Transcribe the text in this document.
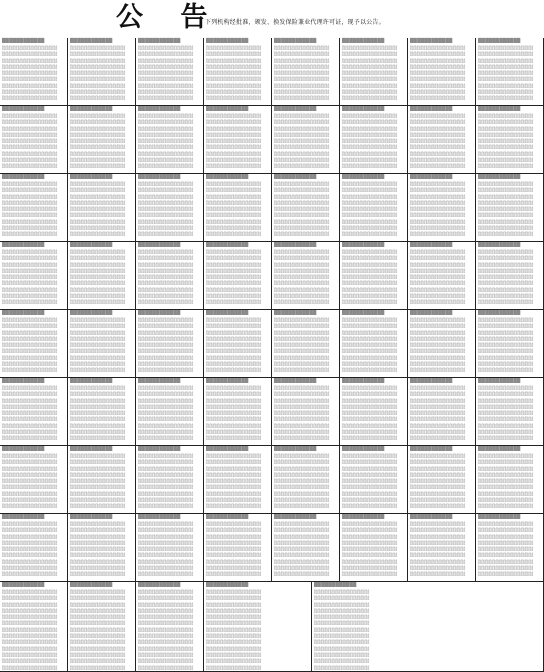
公 告
下列机构经批准，颁发、换发保险兼业代理许可证，现予以公告。
▒▒▒▒▒▒▒▒▒▒▒▒
░░░░░░░░░░░░░░░░░░░░
░░░░░░░░░░░░░░░░░░░░
░░░░░░░░░░░░░░░░░░░░
░░░░░░░░░░░░░░░░░░░░
░░░░░░░░░░░░░░░░░░░░
░░░░░░░░░░░░░░░░░░░░
░░░░░░░░░░░░░░░░░░░░
░░░░░░░░░░░░░░░░░░░░
░░░░░░░░░░░░░░░░░░░░
▒▒▒▒▒▒▒▒▒▒▒▒
░░░░░░░░░░░░░░░░░░░░
░░░░░░░░░░░░░░░░░░░░
░░░░░░░░░░░░░░░░░░░░
░░░░░░░░░░░░░░░░░░░░
░░░░░░░░░░░░░░░░░░░░
░░░░░░░░░░░░░░░░░░░░
░░░░░░░░░░░░░░░░░░░░
░░░░░░░░░░░░░░░░░░░░
░░░░░░░░░░░░░░░░░░░░
▒▒▒▒▒▒▒▒▒▒▒▒
░░░░░░░░░░░░░░░░░░░░
░░░░░░░░░░░░░░░░░░░░
░░░░░░░░░░░░░░░░░░░░
░░░░░░░░░░░░░░░░░░░░
░░░░░░░░░░░░░░░░░░░░
░░░░░░░░░░░░░░░░░░░░
░░░░░░░░░░░░░░░░░░░░
░░░░░░░░░░░░░░░░░░░░
░░░░░░░░░░░░░░░░░░░░
▒▒▒▒▒▒▒▒▒▒▒▒
░░░░░░░░░░░░░░░░░░░░
░░░░░░░░░░░░░░░░░░░░
░░░░░░░░░░░░░░░░░░░░
░░░░░░░░░░░░░░░░░░░░
░░░░░░░░░░░░░░░░░░░░
░░░░░░░░░░░░░░░░░░░░
░░░░░░░░░░░░░░░░░░░░
░░░░░░░░░░░░░░░░░░░░
░░░░░░░░░░░░░░░░░░░░
▒▒▒▒▒▒▒▒▒▒▒▒
░░░░░░░░░░░░░░░░░░░░
░░░░░░░░░░░░░░░░░░░░
░░░░░░░░░░░░░░░░░░░░
░░░░░░░░░░░░░░░░░░░░
░░░░░░░░░░░░░░░░░░░░
░░░░░░░░░░░░░░░░░░░░
░░░░░░░░░░░░░░░░░░░░
░░░░░░░░░░░░░░░░░░░░
░░░░░░░░░░░░░░░░░░░░
▒▒▒▒▒▒▒▒▒▒▒▒
░░░░░░░░░░░░░░░░░░░░
░░░░░░░░░░░░░░░░░░░░
░░░░░░░░░░░░░░░░░░░░
░░░░░░░░░░░░░░░░░░░░
░░░░░░░░░░░░░░░░░░░░
░░░░░░░░░░░░░░░░░░░░
░░░░░░░░░░░░░░░░░░░░
░░░░░░░░░░░░░░░░░░░░
░░░░░░░░░░░░░░░░░░░░
▒▒▒▒▒▒▒▒▒▒▒▒
░░░░░░░░░░░░░░░░░░░░
░░░░░░░░░░░░░░░░░░░░
░░░░░░░░░░░░░░░░░░░░
░░░░░░░░░░░░░░░░░░░░
░░░░░░░░░░░░░░░░░░░░
░░░░░░░░░░░░░░░░░░░░
░░░░░░░░░░░░░░░░░░░░
░░░░░░░░░░░░░░░░░░░░
░░░░░░░░░░░░░░░░░░░░
▒▒▒▒▒▒▒▒▒▒▒▒
░░░░░░░░░░░░░░░░░░░░
░░░░░░░░░░░░░░░░░░░░
░░░░░░░░░░░░░░░░░░░░
░░░░░░░░░░░░░░░░░░░░
░░░░░░░░░░░░░░░░░░░░
░░░░░░░░░░░░░░░░░░░░
░░░░░░░░░░░░░░░░░░░░
░░░░░░░░░░░░░░░░░░░░
░░░░░░░░░░░░░░░░░░░░
▒▒▒▒▒▒▒▒▒▒▒▒
░░░░░░░░░░░░░░░░░░░░
░░░░░░░░░░░░░░░░░░░░
░░░░░░░░░░░░░░░░░░░░
░░░░░░░░░░░░░░░░░░░░
░░░░░░░░░░░░░░░░░░░░
░░░░░░░░░░░░░░░░░░░░
░░░░░░░░░░░░░░░░░░░░
░░░░░░░░░░░░░░░░░░░░
░░░░░░░░░░░░░░░░░░░░
▒▒▒▒▒▒▒▒▒▒▒▒
░░░░░░░░░░░░░░░░░░░░
░░░░░░░░░░░░░░░░░░░░
░░░░░░░░░░░░░░░░░░░░
░░░░░░░░░░░░░░░░░░░░
░░░░░░░░░░░░░░░░░░░░
░░░░░░░░░░░░░░░░░░░░
░░░░░░░░░░░░░░░░░░░░
░░░░░░░░░░░░░░░░░░░░
░░░░░░░░░░░░░░░░░░░░
▒▒▒▒▒▒▒▒▒▒▒▒
░░░░░░░░░░░░░░░░░░░░
░░░░░░░░░░░░░░░░░░░░
░░░░░░░░░░░░░░░░░░░░
░░░░░░░░░░░░░░░░░░░░
░░░░░░░░░░░░░░░░░░░░
░░░░░░░░░░░░░░░░░░░░
░░░░░░░░░░░░░░░░░░░░
░░░░░░░░░░░░░░░░░░░░
░░░░░░░░░░░░░░░░░░░░
▒▒▒▒▒▒▒▒▒▒▒▒
░░░░░░░░░░░░░░░░░░░░
░░░░░░░░░░░░░░░░░░░░
░░░░░░░░░░░░░░░░░░░░
░░░░░░░░░░░░░░░░░░░░
░░░░░░░░░░░░░░░░░░░░
░░░░░░░░░░░░░░░░░░░░
░░░░░░░░░░░░░░░░░░░░
░░░░░░░░░░░░░░░░░░░░
░░░░░░░░░░░░░░░░░░░░
▒▒▒▒▒▒▒▒▒▒▒▒
░░░░░░░░░░░░░░░░░░░░
░░░░░░░░░░░░░░░░░░░░
░░░░░░░░░░░░░░░░░░░░
░░░░░░░░░░░░░░░░░░░░
░░░░░░░░░░░░░░░░░░░░
░░░░░░░░░░░░░░░░░░░░
░░░░░░░░░░░░░░░░░░░░
░░░░░░░░░░░░░░░░░░░░
░░░░░░░░░░░░░░░░░░░░
▒▒▒▒▒▒▒▒▒▒▒▒
░░░░░░░░░░░░░░░░░░░░
░░░░░░░░░░░░░░░░░░░░
░░░░░░░░░░░░░░░░░░░░
░░░░░░░░░░░░░░░░░░░░
░░░░░░░░░░░░░░░░░░░░
░░░░░░░░░░░░░░░░░░░░
░░░░░░░░░░░░░░░░░░░░
░░░░░░░░░░░░░░░░░░░░
░░░░░░░░░░░░░░░░░░░░
▒▒▒▒▒▒▒▒▒▒▒▒
░░░░░░░░░░░░░░░░░░░░
░░░░░░░░░░░░░░░░░░░░
░░░░░░░░░░░░░░░░░░░░
░░░░░░░░░░░░░░░░░░░░
░░░░░░░░░░░░░░░░░░░░
░░░░░░░░░░░░░░░░░░░░
░░░░░░░░░░░░░░░░░░░░
░░░░░░░░░░░░░░░░░░░░
░░░░░░░░░░░░░░░░░░░░
▒▒▒▒▒▒▒▒▒▒▒▒
░░░░░░░░░░░░░░░░░░░░
░░░░░░░░░░░░░░░░░░░░
░░░░░░░░░░░░░░░░░░░░
░░░░░░░░░░░░░░░░░░░░
░░░░░░░░░░░░░░░░░░░░
░░░░░░░░░░░░░░░░░░░░
░░░░░░░░░░░░░░░░░░░░
░░░░░░░░░░░░░░░░░░░░
░░░░░░░░░░░░░░░░░░░░
▒▒▒▒▒▒▒▒▒▒▒▒
░░░░░░░░░░░░░░░░░░░░
░░░░░░░░░░░░░░░░░░░░
░░░░░░░░░░░░░░░░░░░░
░░░░░░░░░░░░░░░░░░░░
░░░░░░░░░░░░░░░░░░░░
░░░░░░░░░░░░░░░░░░░░
░░░░░░░░░░░░░░░░░░░░
░░░░░░░░░░░░░░░░░░░░
░░░░░░░░░░░░░░░░░░░░
▒▒▒▒▒▒▒▒▒▒▒▒
░░░░░░░░░░░░░░░░░░░░
░░░░░░░░░░░░░░░░░░░░
░░░░░░░░░░░░░░░░░░░░
░░░░░░░░░░░░░░░░░░░░
░░░░░░░░░░░░░░░░░░░░
░░░░░░░░░░░░░░░░░░░░
░░░░░░░░░░░░░░░░░░░░
░░░░░░░░░░░░░░░░░░░░
░░░░░░░░░░░░░░░░░░░░
▒▒▒▒▒▒▒▒▒▒▒▒
░░░░░░░░░░░░░░░░░░░░
░░░░░░░░░░░░░░░░░░░░
░░░░░░░░░░░░░░░░░░░░
░░░░░░░░░░░░░░░░░░░░
░░░░░░░░░░░░░░░░░░░░
░░░░░░░░░░░░░░░░░░░░
░░░░░░░░░░░░░░░░░░░░
░░░░░░░░░░░░░░░░░░░░
░░░░░░░░░░░░░░░░░░░░
▒▒▒▒▒▒▒▒▒▒▒▒
░░░░░░░░░░░░░░░░░░░░
░░░░░░░░░░░░░░░░░░░░
░░░░░░░░░░░░░░░░░░░░
░░░░░░░░░░░░░░░░░░░░
░░░░░░░░░░░░░░░░░░░░
░░░░░░░░░░░░░░░░░░░░
░░░░░░░░░░░░░░░░░░░░
░░░░░░░░░░░░░░░░░░░░
░░░░░░░░░░░░░░░░░░░░
▒▒▒▒▒▒▒▒▒▒▒▒
░░░░░░░░░░░░░░░░░░░░
░░░░░░░░░░░░░░░░░░░░
░░░░░░░░░░░░░░░░░░░░
░░░░░░░░░░░░░░░░░░░░
░░░░░░░░░░░░░░░░░░░░
░░░░░░░░░░░░░░░░░░░░
░░░░░░░░░░░░░░░░░░░░
░░░░░░░░░░░░░░░░░░░░
░░░░░░░░░░░░░░░░░░░░
▒▒▒▒▒▒▒▒▒▒▒▒
░░░░░░░░░░░░░░░░░░░░
░░░░░░░░░░░░░░░░░░░░
░░░░░░░░░░░░░░░░░░░░
░░░░░░░░░░░░░░░░░░░░
░░░░░░░░░░░░░░░░░░░░
░░░░░░░░░░░░░░░░░░░░
░░░░░░░░░░░░░░░░░░░░
░░░░░░░░░░░░░░░░░░░░
░░░░░░░░░░░░░░░░░░░░
▒▒▒▒▒▒▒▒▒▒▒▒
░░░░░░░░░░░░░░░░░░░░
░░░░░░░░░░░░░░░░░░░░
░░░░░░░░░░░░░░░░░░░░
░░░░░░░░░░░░░░░░░░░░
░░░░░░░░░░░░░░░░░░░░
░░░░░░░░░░░░░░░░░░░░
░░░░░░░░░░░░░░░░░░░░
░░░░░░░░░░░░░░░░░░░░
░░░░░░░░░░░░░░░░░░░░
▒▒▒▒▒▒▒▒▒▒▒▒
░░░░░░░░░░░░░░░░░░░░
░░░░░░░░░░░░░░░░░░░░
░░░░░░░░░░░░░░░░░░░░
░░░░░░░░░░░░░░░░░░░░
░░░░░░░░░░░░░░░░░░░░
░░░░░░░░░░░░░░░░░░░░
░░░░░░░░░░░░░░░░░░░░
░░░░░░░░░░░░░░░░░░░░
░░░░░░░░░░░░░░░░░░░░
▒▒▒▒▒▒▒▒▒▒▒▒
░░░░░░░░░░░░░░░░░░░░
░░░░░░░░░░░░░░░░░░░░
░░░░░░░░░░░░░░░░░░░░
░░░░░░░░░░░░░░░░░░░░
░░░░░░░░░░░░░░░░░░░░
░░░░░░░░░░░░░░░░░░░░
░░░░░░░░░░░░░░░░░░░░
░░░░░░░░░░░░░░░░░░░░
░░░░░░░░░░░░░░░░░░░░
▒▒▒▒▒▒▒▒▒▒▒▒
░░░░░░░░░░░░░░░░░░░░
░░░░░░░░░░░░░░░░░░░░
░░░░░░░░░░░░░░░░░░░░
░░░░░░░░░░░░░░░░░░░░
░░░░░░░░░░░░░░░░░░░░
░░░░░░░░░░░░░░░░░░░░
░░░░░░░░░░░░░░░░░░░░
░░░░░░░░░░░░░░░░░░░░
░░░░░░░░░░░░░░░░░░░░
▒▒▒▒▒▒▒▒▒▒▒▒
░░░░░░░░░░░░░░░░░░░░
░░░░░░░░░░░░░░░░░░░░
░░░░░░░░░░░░░░░░░░░░
░░░░░░░░░░░░░░░░░░░░
░░░░░░░░░░░░░░░░░░░░
░░░░░░░░░░░░░░░░░░░░
░░░░░░░░░░░░░░░░░░░░
░░░░░░░░░░░░░░░░░░░░
░░░░░░░░░░░░░░░░░░░░
▒▒▒▒▒▒▒▒▒▒▒▒
░░░░░░░░░░░░░░░░░░░░
░░░░░░░░░░░░░░░░░░░░
░░░░░░░░░░░░░░░░░░░░
░░░░░░░░░░░░░░░░░░░░
░░░░░░░░░░░░░░░░░░░░
░░░░░░░░░░░░░░░░░░░░
░░░░░░░░░░░░░░░░░░░░
░░░░░░░░░░░░░░░░░░░░
░░░░░░░░░░░░░░░░░░░░
▒▒▒▒▒▒▒▒▒▒▒▒
░░░░░░░░░░░░░░░░░░░░
░░░░░░░░░░░░░░░░░░░░
░░░░░░░░░░░░░░░░░░░░
░░░░░░░░░░░░░░░░░░░░
░░░░░░░░░░░░░░░░░░░░
░░░░░░░░░░░░░░░░░░░░
░░░░░░░░░░░░░░░░░░░░
░░░░░░░░░░░░░░░░░░░░
░░░░░░░░░░░░░░░░░░░░
▒▒▒▒▒▒▒▒▒▒▒▒
░░░░░░░░░░░░░░░░░░░░
░░░░░░░░░░░░░░░░░░░░
░░░░░░░░░░░░░░░░░░░░
░░░░░░░░░░░░░░░░░░░░
░░░░░░░░░░░░░░░░░░░░
░░░░░░░░░░░░░░░░░░░░
░░░░░░░░░░░░░░░░░░░░
░░░░░░░░░░░░░░░░░░░░
░░░░░░░░░░░░░░░░░░░░
▒▒▒▒▒▒▒▒▒▒▒▒
░░░░░░░░░░░░░░░░░░░░
░░░░░░░░░░░░░░░░░░░░
░░░░░░░░░░░░░░░░░░░░
░░░░░░░░░░░░░░░░░░░░
░░░░░░░░░░░░░░░░░░░░
░░░░░░░░░░░░░░░░░░░░
░░░░░░░░░░░░░░░░░░░░
░░░░░░░░░░░░░░░░░░░░
░░░░░░░░░░░░░░░░░░░░
▒▒▒▒▒▒▒▒▒▒▒▒
░░░░░░░░░░░░░░░░░░░░
░░░░░░░░░░░░░░░░░░░░
░░░░░░░░░░░░░░░░░░░░
░░░░░░░░░░░░░░░░░░░░
░░░░░░░░░░░░░░░░░░░░
░░░░░░░░░░░░░░░░░░░░
░░░░░░░░░░░░░░░░░░░░
░░░░░░░░░░░░░░░░░░░░
░░░░░░░░░░░░░░░░░░░░
▒▒▒▒▒▒▒▒▒▒▒▒
░░░░░░░░░░░░░░░░░░░░
░░░░░░░░░░░░░░░░░░░░
░░░░░░░░░░░░░░░░░░░░
░░░░░░░░░░░░░░░░░░░░
░░░░░░░░░░░░░░░░░░░░
░░░░░░░░░░░░░░░░░░░░
░░░░░░░░░░░░░░░░░░░░
░░░░░░░░░░░░░░░░░░░░
░░░░░░░░░░░░░░░░░░░░
▒▒▒▒▒▒▒▒▒▒▒▒
░░░░░░░░░░░░░░░░░░░░
░░░░░░░░░░░░░░░░░░░░
░░░░░░░░░░░░░░░░░░░░
░░░░░░░░░░░░░░░░░░░░
░░░░░░░░░░░░░░░░░░░░
░░░░░░░░░░░░░░░░░░░░
░░░░░░░░░░░░░░░░░░░░
░░░░░░░░░░░░░░░░░░░░
░░░░░░░░░░░░░░░░░░░░
▒▒▒▒▒▒▒▒▒▒▒▒
░░░░░░░░░░░░░░░░░░░░
░░░░░░░░░░░░░░░░░░░░
░░░░░░░░░░░░░░░░░░░░
░░░░░░░░░░░░░░░░░░░░
░░░░░░░░░░░░░░░░░░░░
░░░░░░░░░░░░░░░░░░░░
░░░░░░░░░░░░░░░░░░░░
░░░░░░░░░░░░░░░░░░░░
░░░░░░░░░░░░░░░░░░░░
▒▒▒▒▒▒▒▒▒▒▒▒
░░░░░░░░░░░░░░░░░░░░
░░░░░░░░░░░░░░░░░░░░
░░░░░░░░░░░░░░░░░░░░
░░░░░░░░░░░░░░░░░░░░
░░░░░░░░░░░░░░░░░░░░
░░░░░░░░░░░░░░░░░░░░
░░░░░░░░░░░░░░░░░░░░
░░░░░░░░░░░░░░░░░░░░
░░░░░░░░░░░░░░░░░░░░
▒▒▒▒▒▒▒▒▒▒▒▒
░░░░░░░░░░░░░░░░░░░░
░░░░░░░░░░░░░░░░░░░░
░░░░░░░░░░░░░░░░░░░░
░░░░░░░░░░░░░░░░░░░░
░░░░░░░░░░░░░░░░░░░░
░░░░░░░░░░░░░░░░░░░░
░░░░░░░░░░░░░░░░░░░░
░░░░░░░░░░░░░░░░░░░░
░░░░░░░░░░░░░░░░░░░░
▒▒▒▒▒▒▒▒▒▒▒▒
░░░░░░░░░░░░░░░░░░░░
░░░░░░░░░░░░░░░░░░░░
░░░░░░░░░░░░░░░░░░░░
░░░░░░░░░░░░░░░░░░░░
░░░░░░░░░░░░░░░░░░░░
░░░░░░░░░░░░░░░░░░░░
░░░░░░░░░░░░░░░░░░░░
░░░░░░░░░░░░░░░░░░░░
░░░░░░░░░░░░░░░░░░░░
▒▒▒▒▒▒▒▒▒▒▒▒
░░░░░░░░░░░░░░░░░░░░
░░░░░░░░░░░░░░░░░░░░
░░░░░░░░░░░░░░░░░░░░
░░░░░░░░░░░░░░░░░░░░
░░░░░░░░░░░░░░░░░░░░
░░░░░░░░░░░░░░░░░░░░
░░░░░░░░░░░░░░░░░░░░
░░░░░░░░░░░░░░░░░░░░
░░░░░░░░░░░░░░░░░░░░
▒▒▒▒▒▒▒▒▒▒▒▒
░░░░░░░░░░░░░░░░░░░░
░░░░░░░░░░░░░░░░░░░░
░░░░░░░░░░░░░░░░░░░░
░░░░░░░░░░░░░░░░░░░░
░░░░░░░░░░░░░░░░░░░░
░░░░░░░░░░░░░░░░░░░░
░░░░░░░░░░░░░░░░░░░░
░░░░░░░░░░░░░░░░░░░░
░░░░░░░░░░░░░░░░░░░░
▒▒▒▒▒▒▒▒▒▒▒▒
░░░░░░░░░░░░░░░░░░░░
░░░░░░░░░░░░░░░░░░░░
░░░░░░░░░░░░░░░░░░░░
░░░░░░░░░░░░░░░░░░░░
░░░░░░░░░░░░░░░░░░░░
░░░░░░░░░░░░░░░░░░░░
░░░░░░░░░░░░░░░░░░░░
░░░░░░░░░░░░░░░░░░░░
░░░░░░░░░░░░░░░░░░░░
▒▒▒▒▒▒▒▒▒▒▒▒
░░░░░░░░░░░░░░░░░░░░
░░░░░░░░░░░░░░░░░░░░
░░░░░░░░░░░░░░░░░░░░
░░░░░░░░░░░░░░░░░░░░
░░░░░░░░░░░░░░░░░░░░
░░░░░░░░░░░░░░░░░░░░
░░░░░░░░░░░░░░░░░░░░
░░░░░░░░░░░░░░░░░░░░
░░░░░░░░░░░░░░░░░░░░
▒▒▒▒▒▒▒▒▒▒▒▒
░░░░░░░░░░░░░░░░░░░░
░░░░░░░░░░░░░░░░░░░░
░░░░░░░░░░░░░░░░░░░░
░░░░░░░░░░░░░░░░░░░░
░░░░░░░░░░░░░░░░░░░░
░░░░░░░░░░░░░░░░░░░░
░░░░░░░░░░░░░░░░░░░░
░░░░░░░░░░░░░░░░░░░░
░░░░░░░░░░░░░░░░░░░░
▒▒▒▒▒▒▒▒▒▒▒▒
░░░░░░░░░░░░░░░░░░░░
░░░░░░░░░░░░░░░░░░░░
░░░░░░░░░░░░░░░░░░░░
░░░░░░░░░░░░░░░░░░░░
░░░░░░░░░░░░░░░░░░░░
░░░░░░░░░░░░░░░░░░░░
░░░░░░░░░░░░░░░░░░░░
░░░░░░░░░░░░░░░░░░░░
░░░░░░░░░░░░░░░░░░░░
▒▒▒▒▒▒▒▒▒▒▒▒
░░░░░░░░░░░░░░░░░░░░
░░░░░░░░░░░░░░░░░░░░
░░░░░░░░░░░░░░░░░░░░
░░░░░░░░░░░░░░░░░░░░
░░░░░░░░░░░░░░░░░░░░
░░░░░░░░░░░░░░░░░░░░
░░░░░░░░░░░░░░░░░░░░
░░░░░░░░░░░░░░░░░░░░
░░░░░░░░░░░░░░░░░░░░
▒▒▒▒▒▒▒▒▒▒▒▒
░░░░░░░░░░░░░░░░░░░░
░░░░░░░░░░░░░░░░░░░░
░░░░░░░░░░░░░░░░░░░░
░░░░░░░░░░░░░░░░░░░░
░░░░░░░░░░░░░░░░░░░░
░░░░░░░░░░░░░░░░░░░░
░░░░░░░░░░░░░░░░░░░░
░░░░░░░░░░░░░░░░░░░░
░░░░░░░░░░░░░░░░░░░░
▒▒▒▒▒▒▒▒▒▒▒▒
░░░░░░░░░░░░░░░░░░░░
░░░░░░░░░░░░░░░░░░░░
░░░░░░░░░░░░░░░░░░░░
░░░░░░░░░░░░░░░░░░░░
░░░░░░░░░░░░░░░░░░░░
░░░░░░░░░░░░░░░░░░░░
░░░░░░░░░░░░░░░░░░░░
░░░░░░░░░░░░░░░░░░░░
░░░░░░░░░░░░░░░░░░░░
▒▒▒▒▒▒▒▒▒▒▒▒
░░░░░░░░░░░░░░░░░░░░
░░░░░░░░░░░░░░░░░░░░
░░░░░░░░░░░░░░░░░░░░
░░░░░░░░░░░░░░░░░░░░
░░░░░░░░░░░░░░░░░░░░
░░░░░░░░░░░░░░░░░░░░
░░░░░░░░░░░░░░░░░░░░
░░░░░░░░░░░░░░░░░░░░
░░░░░░░░░░░░░░░░░░░░
▒▒▒▒▒▒▒▒▒▒▒▒
░░░░░░░░░░░░░░░░░░░░
░░░░░░░░░░░░░░░░░░░░
░░░░░░░░░░░░░░░░░░░░
░░░░░░░░░░░░░░░░░░░░
░░░░░░░░░░░░░░░░░░░░
░░░░░░░░░░░░░░░░░░░░
░░░░░░░░░░░░░░░░░░░░
░░░░░░░░░░░░░░░░░░░░
░░░░░░░░░░░░░░░░░░░░
▒▒▒▒▒▒▒▒▒▒▒▒
░░░░░░░░░░░░░░░░░░░░
░░░░░░░░░░░░░░░░░░░░
░░░░░░░░░░░░░░░░░░░░
░░░░░░░░░░░░░░░░░░░░
░░░░░░░░░░░░░░░░░░░░
░░░░░░░░░░░░░░░░░░░░
░░░░░░░░░░░░░░░░░░░░
░░░░░░░░░░░░░░░░░░░░
░░░░░░░░░░░░░░░░░░░░
▒▒▒▒▒▒▒▒▒▒▒▒
░░░░░░░░░░░░░░░░░░░░
░░░░░░░░░░░░░░░░░░░░
░░░░░░░░░░░░░░░░░░░░
░░░░░░░░░░░░░░░░░░░░
░░░░░░░░░░░░░░░░░░░░
░░░░░░░░░░░░░░░░░░░░
░░░░░░░░░░░░░░░░░░░░
░░░░░░░░░░░░░░░░░░░░
░░░░░░░░░░░░░░░░░░░░
▒▒▒▒▒▒▒▒▒▒▒▒
░░░░░░░░░░░░░░░░░░░░
░░░░░░░░░░░░░░░░░░░░
░░░░░░░░░░░░░░░░░░░░
░░░░░░░░░░░░░░░░░░░░
░░░░░░░░░░░░░░░░░░░░
░░░░░░░░░░░░░░░░░░░░
░░░░░░░░░░░░░░░░░░░░
░░░░░░░░░░░░░░░░░░░░
░░░░░░░░░░░░░░░░░░░░
▒▒▒▒▒▒▒▒▒▒▒▒
░░░░░░░░░░░░░░░░░░░░
░░░░░░░░░░░░░░░░░░░░
░░░░░░░░░░░░░░░░░░░░
░░░░░░░░░░░░░░░░░░░░
░░░░░░░░░░░░░░░░░░░░
░░░░░░░░░░░░░░░░░░░░
░░░░░░░░░░░░░░░░░░░░
░░░░░░░░░░░░░░░░░░░░
░░░░░░░░░░░░░░░░░░░░
▒▒▒▒▒▒▒▒▒▒▒▒
░░░░░░░░░░░░░░░░░░░░
░░░░░░░░░░░░░░░░░░░░
░░░░░░░░░░░░░░░░░░░░
░░░░░░░░░░░░░░░░░░░░
░░░░░░░░░░░░░░░░░░░░
░░░░░░░░░░░░░░░░░░░░
░░░░░░░░░░░░░░░░░░░░
░░░░░░░░░░░░░░░░░░░░
░░░░░░░░░░░░░░░░░░░░
▒▒▒▒▒▒▒▒▒▒▒▒
░░░░░░░░░░░░░░░░░░░░
░░░░░░░░░░░░░░░░░░░░
░░░░░░░░░░░░░░░░░░░░
░░░░░░░░░░░░░░░░░░░░
░░░░░░░░░░░░░░░░░░░░
░░░░░░░░░░░░░░░░░░░░
░░░░░░░░░░░░░░░░░░░░
░░░░░░░░░░░░░░░░░░░░
░░░░░░░░░░░░░░░░░░░░
▒▒▒▒▒▒▒▒▒▒▒▒
░░░░░░░░░░░░░░░░░░░░
░░░░░░░░░░░░░░░░░░░░
░░░░░░░░░░░░░░░░░░░░
░░░░░░░░░░░░░░░░░░░░
░░░░░░░░░░░░░░░░░░░░
░░░░░░░░░░░░░░░░░░░░
░░░░░░░░░░░░░░░░░░░░
░░░░░░░░░░░░░░░░░░░░
░░░░░░░░░░░░░░░░░░░░
▒▒▒▒▒▒▒▒▒▒▒▒
░░░░░░░░░░░░░░░░░░░░
░░░░░░░░░░░░░░░░░░░░
░░░░░░░░░░░░░░░░░░░░
░░░░░░░░░░░░░░░░░░░░
░░░░░░░░░░░░░░░░░░░░
░░░░░░░░░░░░░░░░░░░░
░░░░░░░░░░░░░░░░░░░░
░░░░░░░░░░░░░░░░░░░░
░░░░░░░░░░░░░░░░░░░░
▒▒▒▒▒▒▒▒▒▒▒▒
░░░░░░░░░░░░░░░░░░░░
░░░░░░░░░░░░░░░░░░░░
░░░░░░░░░░░░░░░░░░░░
░░░░░░░░░░░░░░░░░░░░
░░░░░░░░░░░░░░░░░░░░
░░░░░░░░░░░░░░░░░░░░
░░░░░░░░░░░░░░░░░░░░
░░░░░░░░░░░░░░░░░░░░
░░░░░░░░░░░░░░░░░░░░
▒▒▒▒▒▒▒▒▒▒▒▒
░░░░░░░░░░░░░░░░░░░░
░░░░░░░░░░░░░░░░░░░░
░░░░░░░░░░░░░░░░░░░░
░░░░░░░░░░░░░░░░░░░░
░░░░░░░░░░░░░░░░░░░░
░░░░░░░░░░░░░░░░░░░░
░░░░░░░░░░░░░░░░░░░░
░░░░░░░░░░░░░░░░░░░░
░░░░░░░░░░░░░░░░░░░░
▒▒▒▒▒▒▒▒▒▒▒▒
░░░░░░░░░░░░░░░░░░░░
░░░░░░░░░░░░░░░░░░░░
░░░░░░░░░░░░░░░░░░░░
░░░░░░░░░░░░░░░░░░░░
░░░░░░░░░░░░░░░░░░░░
░░░░░░░░░░░░░░░░░░░░
░░░░░░░░░░░░░░░░░░░░
░░░░░░░░░░░░░░░░░░░░
░░░░░░░░░░░░░░░░░░░░
▒▒▒▒▒▒▒▒▒▒▒▒
░░░░░░░░░░░░░░░░░░░░
░░░░░░░░░░░░░░░░░░░░
░░░░░░░░░░░░░░░░░░░░
░░░░░░░░░░░░░░░░░░░░
░░░░░░░░░░░░░░░░░░░░
░░░░░░░░░░░░░░░░░░░░
░░░░░░░░░░░░░░░░░░░░
░░░░░░░░░░░░░░░░░░░░
░░░░░░░░░░░░░░░░░░░░
▒▒▒▒▒▒▒▒▒▒▒▒
░░░░░░░░░░░░░░░░░░░░
░░░░░░░░░░░░░░░░░░░░
░░░░░░░░░░░░░░░░░░░░
░░░░░░░░░░░░░░░░░░░░
░░░░░░░░░░░░░░░░░░░░
░░░░░░░░░░░░░░░░░░░░
░░░░░░░░░░░░░░░░░░░░
░░░░░░░░░░░░░░░░░░░░
░░░░░░░░░░░░░░░░░░░░
▒▒▒▒▒▒▒▒▒▒▒▒
░░░░░░░░░░░░░░░░░░░░
░░░░░░░░░░░░░░░░░░░░
░░░░░░░░░░░░░░░░░░░░
░░░░░░░░░░░░░░░░░░░░
░░░░░░░░░░░░░░░░░░░░
░░░░░░░░░░░░░░░░░░░░
░░░░░░░░░░░░░░░░░░░░
░░░░░░░░░░░░░░░░░░░░
░░░░░░░░░░░░░░░░░░░░
▒▒▒▒▒▒▒▒▒▒▒▒
░░░░░░░░░░░░░░░░░░░░
░░░░░░░░░░░░░░░░░░░░
░░░░░░░░░░░░░░░░░░░░
░░░░░░░░░░░░░░░░░░░░
░░░░░░░░░░░░░░░░░░░░
░░░░░░░░░░░░░░░░░░░░
░░░░░░░░░░░░░░░░░░░░
░░░░░░░░░░░░░░░░░░░░
░░░░░░░░░░░░░░░░░░░░
▒▒▒▒▒▒▒▒▒▒▒▒
░░░░░░░░░░░░░░░░░░░░
░░░░░░░░░░░░░░░░░░░░
░░░░░░░░░░░░░░░░░░░░
░░░░░░░░░░░░░░░░░░░░
░░░░░░░░░░░░░░░░░░░░
░░░░░░░░░░░░░░░░░░░░
░░░░░░░░░░░░░░░░░░░░
░░░░░░░░░░░░░░░░░░░░
░░░░░░░░░░░░░░░░░░░░
░░░░░░░░░░░░░░░░░░░░
░░░░░░░░░░░░░░░░░░░░
░░░░░░░░░░░░░░░░░░░░
░░░░░░░░░░░░░░░░░░░░
▒▒▒▒▒▒▒▒▒▒▒▒
░░░░░░░░░░░░░░░░░░░░
░░░░░░░░░░░░░░░░░░░░
░░░░░░░░░░░░░░░░░░░░
░░░░░░░░░░░░░░░░░░░░
░░░░░░░░░░░░░░░░░░░░
░░░░░░░░░░░░░░░░░░░░
░░░░░░░░░░░░░░░░░░░░
░░░░░░░░░░░░░░░░░░░░
░░░░░░░░░░░░░░░░░░░░
░░░░░░░░░░░░░░░░░░░░
░░░░░░░░░░░░░░░░░░░░
░░░░░░░░░░░░░░░░░░░░
░░░░░░░░░░░░░░░░░░░░
▒▒▒▒▒▒▒▒▒▒▒▒
░░░░░░░░░░░░░░░░░░░░
░░░░░░░░░░░░░░░░░░░░
░░░░░░░░░░░░░░░░░░░░
░░░░░░░░░░░░░░░░░░░░
░░░░░░░░░░░░░░░░░░░░
░░░░░░░░░░░░░░░░░░░░
░░░░░░░░░░░░░░░░░░░░
░░░░░░░░░░░░░░░░░░░░
░░░░░░░░░░░░░░░░░░░░
░░░░░░░░░░░░░░░░░░░░
░░░░░░░░░░░░░░░░░░░░
░░░░░░░░░░░░░░░░░░░░
░░░░░░░░░░░░░░░░░░░░
▒▒▒▒▒▒▒▒▒▒▒▒
░░░░░░░░░░░░░░░░░░░░
░░░░░░░░░░░░░░░░░░░░
░░░░░░░░░░░░░░░░░░░░
░░░░░░░░░░░░░░░░░░░░
░░░░░░░░░░░░░░░░░░░░
░░░░░░░░░░░░░░░░░░░░
░░░░░░░░░░░░░░░░░░░░
░░░░░░░░░░░░░░░░░░░░
░░░░░░░░░░░░░░░░░░░░
░░░░░░░░░░░░░░░░░░░░
░░░░░░░░░░░░░░░░░░░░
░░░░░░░░░░░░░░░░░░░░
░░░░░░░░░░░░░░░░░░░░
▒▒▒▒▒▒▒▒▒▒▒▒
░░░░░░░░░░░░░░░░░░░░
░░░░░░░░░░░░░░░░░░░░
░░░░░░░░░░░░░░░░░░░░
░░░░░░░░░░░░░░░░░░░░
░░░░░░░░░░░░░░░░░░░░
░░░░░░░░░░░░░░░░░░░░
░░░░░░░░░░░░░░░░░░░░
░░░░░░░░░░░░░░░░░░░░
░░░░░░░░░░░░░░░░░░░░
░░░░░░░░░░░░░░░░░░░░
░░░░░░░░░░░░░░░░░░░░
░░░░░░░░░░░░░░░░░░░░
░░░░░░░░░░░░░░░░░░░░
